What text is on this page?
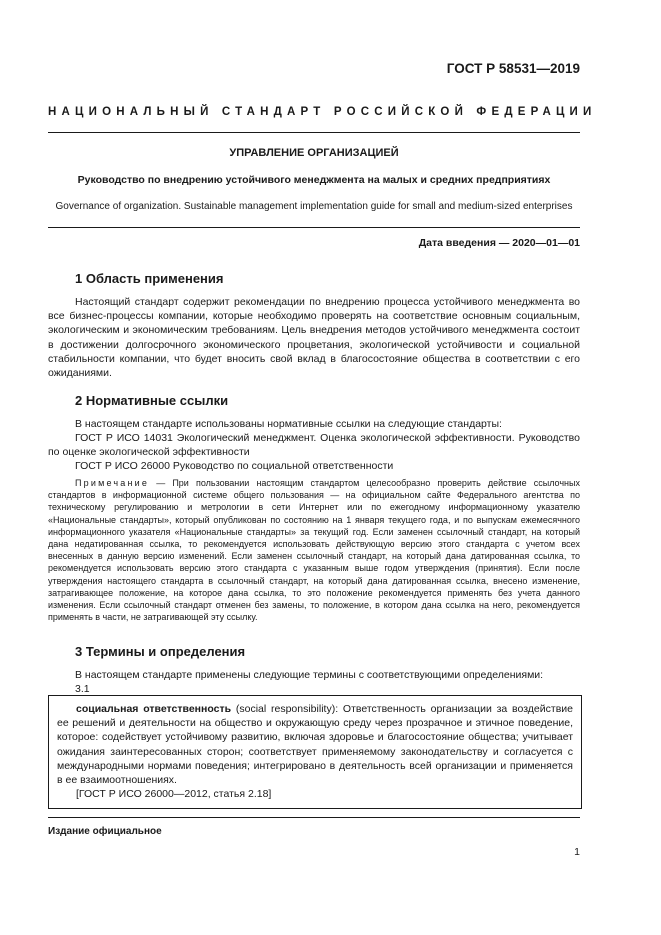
ГОСТ Р 58531—2019
НАЦИОНАЛЬНЫЙ СТАНДАРТ РОССИЙСКОЙ ФЕДЕРАЦИИ
УПРАВЛЕНИЕ ОРГАНИЗАЦИЕЙ
Руководство по внедрению устойчивого менеджмента на малых и средних предприятиях
Governance of organization. Sustainable management implementation guide for small and medium-sized enterprises
Дата введения — 2020—01—01
1 Область применения

Настоящий стандарт содержит рекомендации по внедрению процесса устойчивого менеджмента во все бизнес-процессы компании, которые необходимо проверять на соответствие основным социальным, экологическим и экономическим требованиям. Цель внедрения методов устойчивого менеджмента состоит в достижении долгосрочного экономического процветания, экологической устойчивости и социальной стабильности компании, что будет вносить свой вклад в благосостояние общества в соответствии с его ожиданиями.

2 Нормативные ссылки
В настоящем стандарте использованы нормативные ссылки на следующие стандарты:

ГОСТ Р ИСО 14031 Экологический менеджмент. Оценка экологической эффективности. Руководство по оценке экологической эффективности

ГОСТ Р ИСО 26000 Руководство по социальной ответственности

Примечание — При пользовании настоящим стандартом целесообразно проверить действие ссылочных стандартов в информационной системе общего пользования — на официальном сайте Федерального агентства по техническому регулированию и метрологии в сети Интернет или по ежегодному информационному указателю «Национальные стандарты», который опубликован по состоянию на 1 января текущего года, и по выпускам ежемесячного информационного указателя «Национальные стандарты» за текущий год. Если заменен ссылочный стандарт, на который дана недатированная ссылка, то рекомендуется использовать действующую версию этого стандарта с учетом всех внесенных в данную версию изменений. Если заменен ссылочный стандарт, на который дана датированная ссылка, то рекомендуется использовать версию этого стандарта с указанным выше годом утверждения (принятия). Если после утверждения настоящего стандарта в ссылочный стандарт, на который дана датированная ссылка, внесено изменение, затрагивающее положение, на которое дана ссылка, то это положение рекомендуется применять без учета данного изменения. Если ссылочный стандарт отменен без замены, то положение, в котором дана ссылка на него, рекомендуется применять в части, не затрагивающей эту ссылку.

3 Термины и определения
В настоящем стандарте применены следующие термины с соответствующими определениями:
3.1

социальная ответственность (social responsibility): Ответственность организации за воздействие ее решений и деятельности на общество и окружающую среду через прозрачное и этичное поведение, которое: содействует устойчивому развитию, включая здоровье и благосостояние общества; учитывает ожидания заинтересованных сторон; соответствует применяемому законодательству и согласуется с международными нормами поведения; интегрировано в деятельность всей организации и применяется в ее взаимоотношениях.

[ГОСТ Р ИСО 26000—2012, статья 2.18]

Издание официальное
1
